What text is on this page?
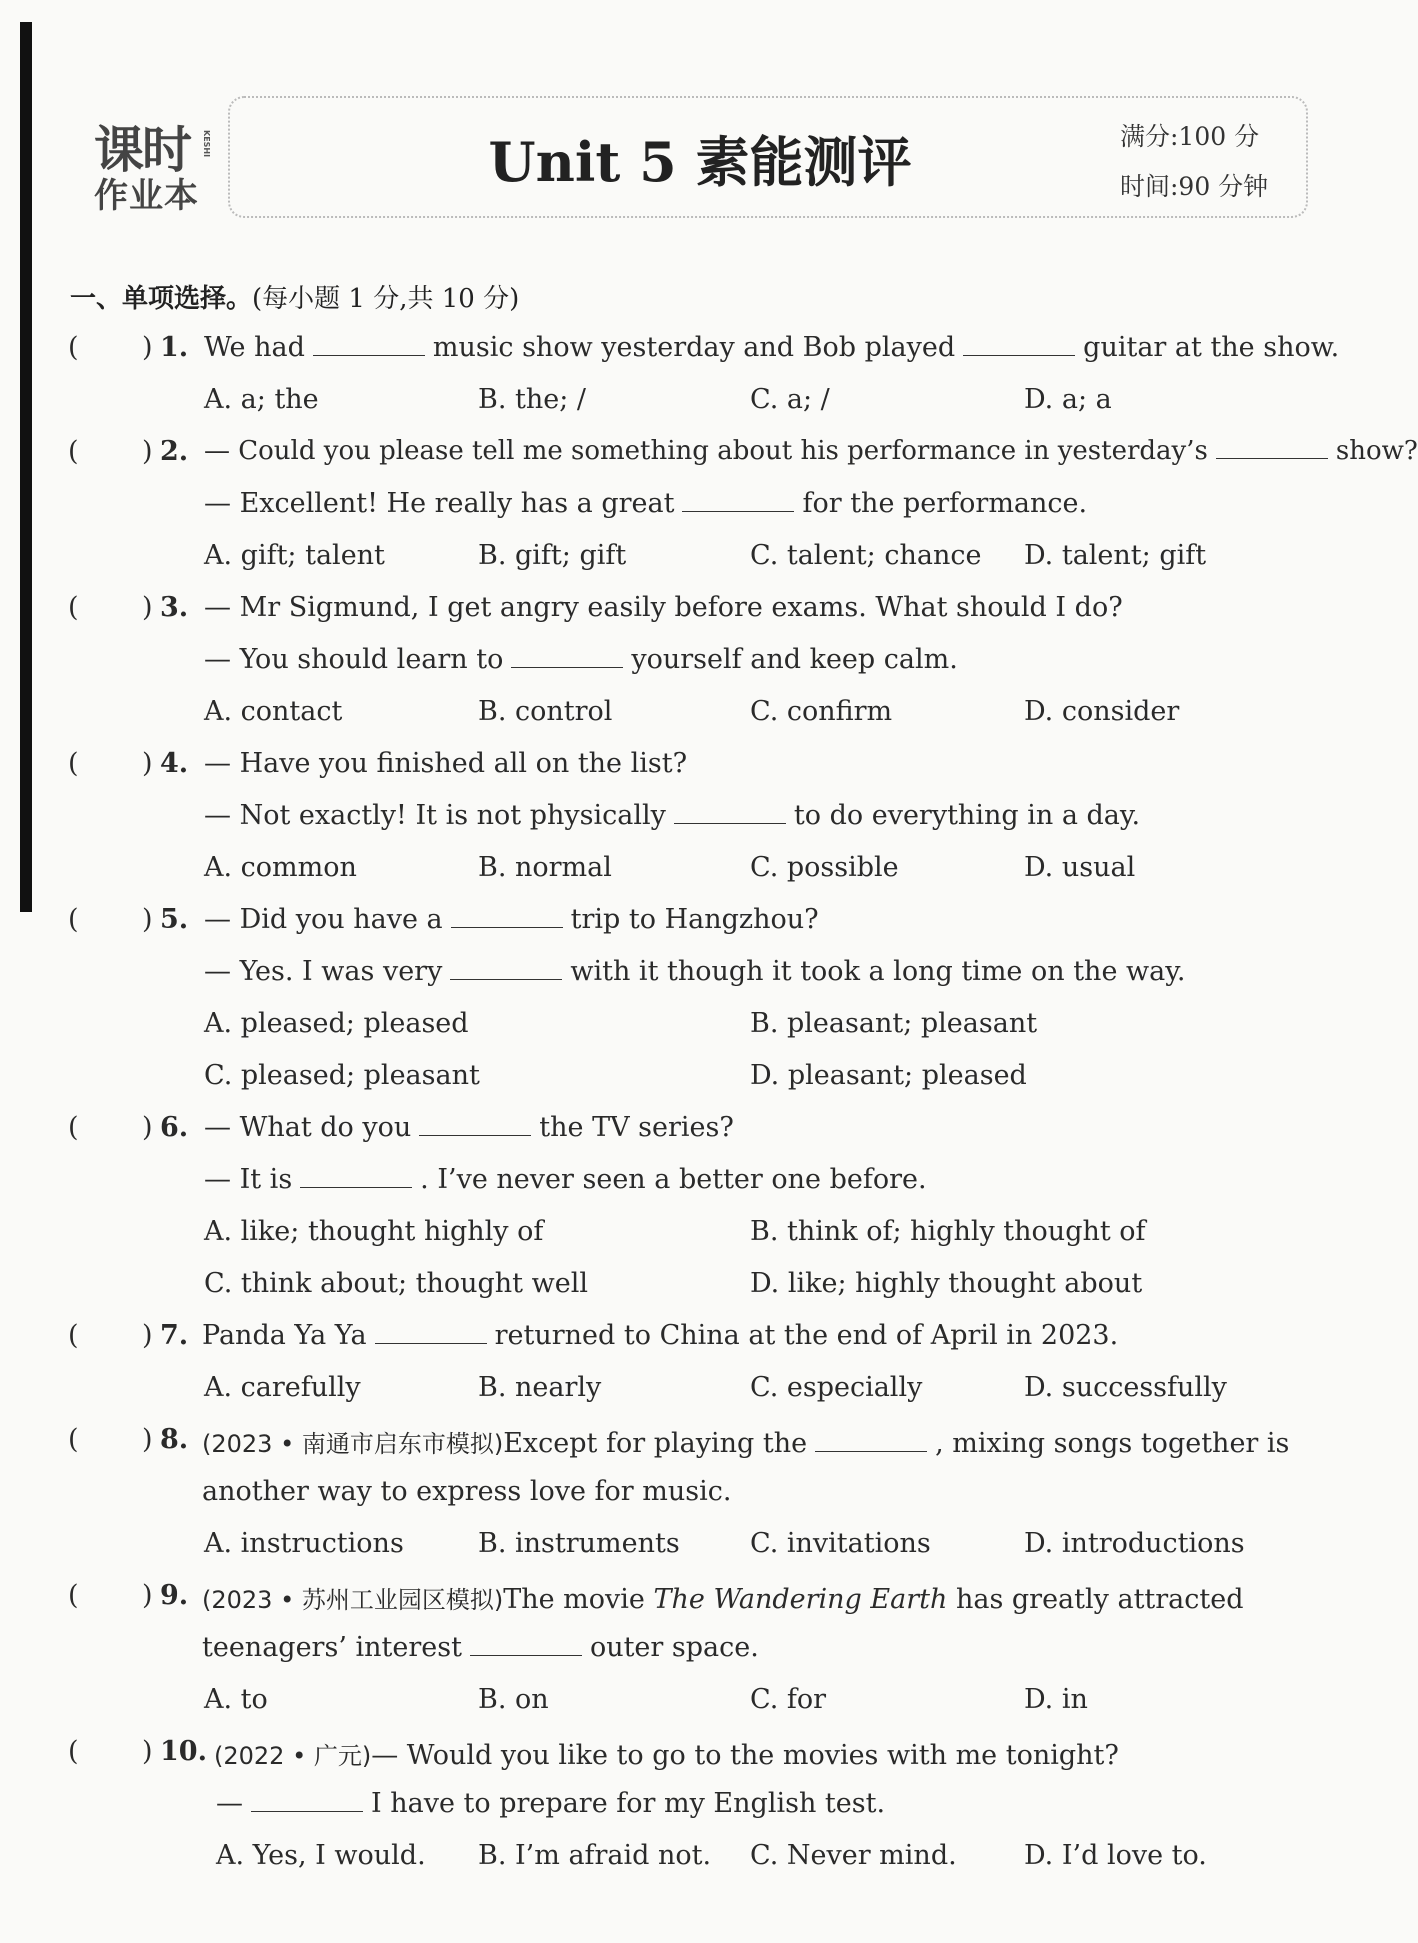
课时 KESHI
作业本
Unit 5 素能测评	满分:100 分
时间:90 分钟
一、单项选择。(每小题 1 分,共 10 分)
( ) 1. We had	music show yesterday and Bob played	guitar at the show.
A. a; the	B. the; /	C. a; /	D. a; a
( ) 2. — Could you please tell me something about his performance in yesterday’s	show?
— Excellent! He really has a great	for the performance.
A. gift; talent	B. gift; gift	C. talent; chance D. talent; gift
( ) 3. — Mr Sigmund, I get angry easily before exams. What should I do?
— You should learn to	yourself and keep calm.
A. contact	B. control	C. confirm	D. consider
( ) 4. — Have you finished all on the list?
— Not exactly! It is not physically	to do everything in a day.
A. common	B. normal	C. possible	D. usual
( ) 5. — Did you have a	trip to Hangzhou?
— Yes. I was very	with it though it took a long time on the way.
A. pleased; pleased	B. pleasant; pleasant
C. pleased; pleasant	D. pleasant; pleased
( ) 6. — What do you	the TV series?
— It is	. I’ve never seen a better one before.
A. like; thought highly of	B. think of; highly thought of
C. think about; thought well	D. like; highly thought about
( ) 7. Panda Ya Ya	returned to China at the end of April in 2023.
A. carefully	B. nearly	C. especially	D. successfully
( ) 8. (2023 • 南通市启东市模拟)Except for playing the	, mixing songs together is
another way to express love for music.
A. instructions	B. instruments	C. invitations	D. introductions
( ) 9. (2023 • 苏州工业园区模拟)The movie The Wandering Earth has greatly attracted
teenagers’ interest	outer space.
A. to	B. on	C. for	D. in
( ) 10. (2022 • 广元)— Would you like to go to the movies with me tonight?
—	I have to prepare for my English test.
A. Yes, I would. B. I’m afraid not. C. Never mind. D. I’d love to.
